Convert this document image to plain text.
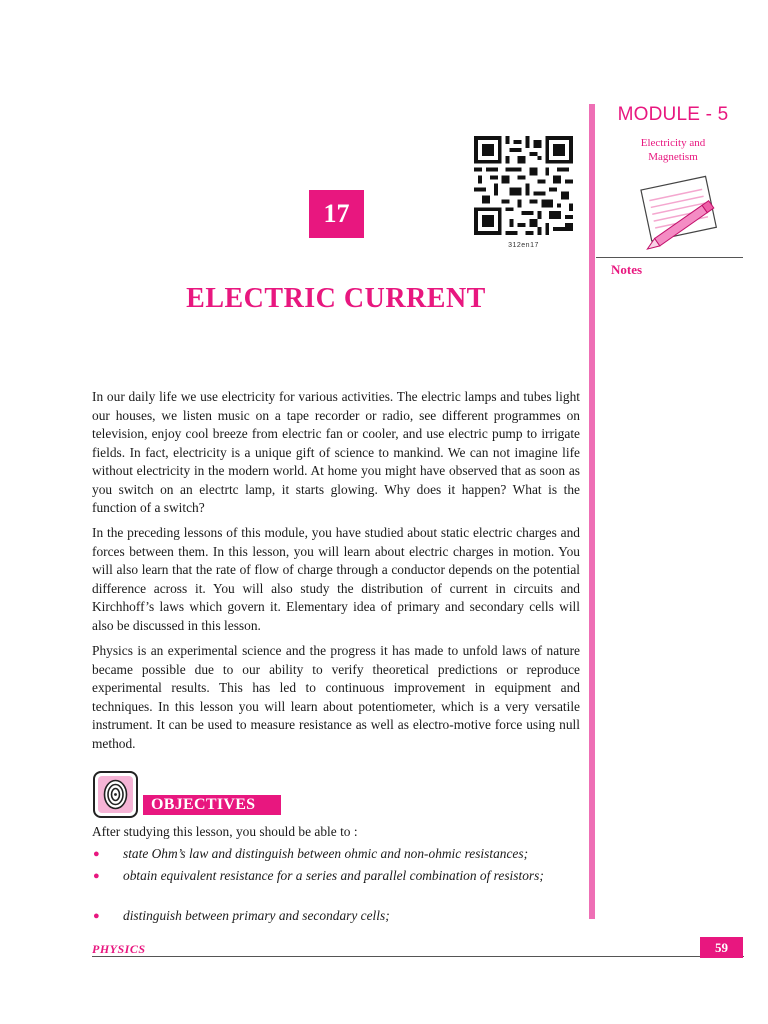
MODULE - 5
Electricity and
Magnetism
Notes
312en17
17
ELECTRIC CURRENT

In our daily life we use electricity for various activities. The electric lamps and tubes light our houses, we listen music on a tape recorder or radio, see different programmes on television, enjoy cool breeze from electric fan or cooler, and use electric pump to irrigate fields. In fact, electricity is a unique gift of science to mankind. We can not imagine life without electricity in the modern world. At home you might have observed that as soon as you switch on an electrtc lamp, it starts glowing. Why does it happen? What is the function of a switch?

In the preceding lessons of this module, you have studied about static electric charges and forces between them. In this lesson, you will learn about electric charges in motion. You will also learn that the rate of flow of charge through a conductor depends on the potential difference across it. You will also study the distribution of current in circuits and Kirchhoff’s laws which govern it. Elementary idea of primary and secondary cells will also be discussed in this lesson.

Physics is an experimental science and the progress it has made to unfold laws of nature became possible due to our ability to verify theoretical predictions or reproduce experimental results. This has led to continuous improvement in equipment and techniques. In this lesson you will learn about potentiometer, which is a very versatile instrument. It can be used to measure resistance as well as electro-motive force using null method.

OBJECTIVES
After studying this lesson, you should be able to :
● state Ohm’s law and distinguish between ohmic and non-ohmic resistances;
● obtain equivalent resistance for a series and parallel combination of resistors;
● distinguish between primary and secondary cells;
PHYSICS	59
